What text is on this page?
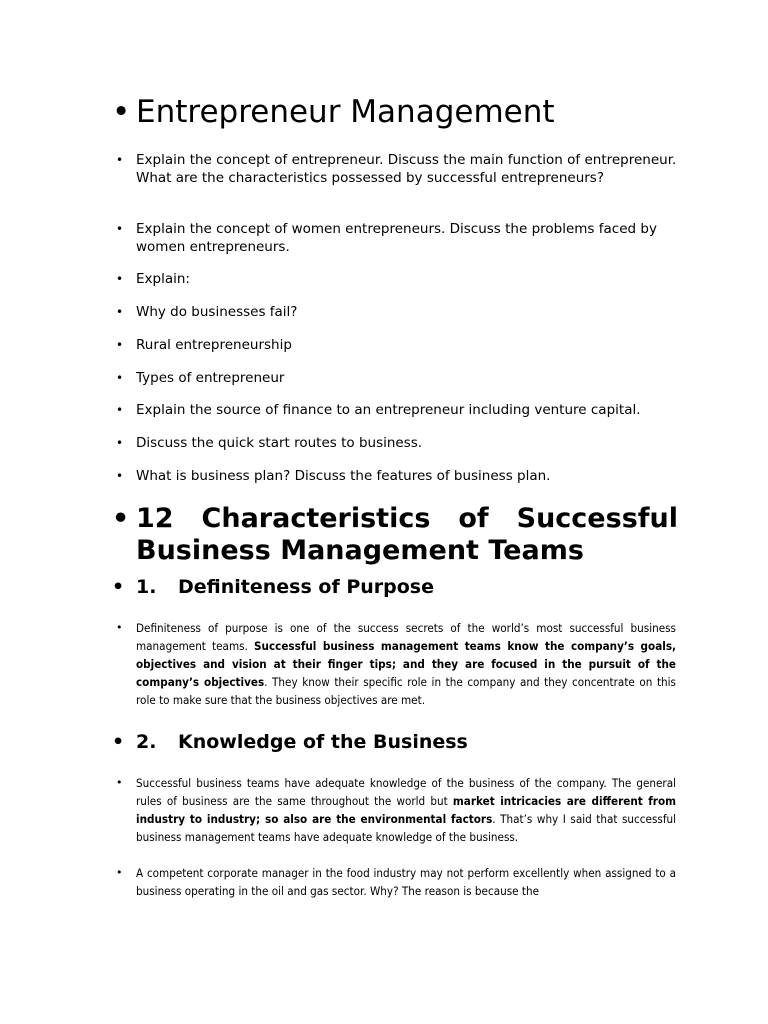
• Entrepreneur Management
• Explain the concept of entrepreneur. Discuss the main function of entrepreneur. What are the characteristics possessed by successful entrepreneurs?
• Explain the concept of women entrepreneurs. Discuss the problems faced by women entrepreneurs.
• Explain:
• Why do businesses fail?
• Rural entrepreneurship
• Types of entrepreneur
• Explain the source of finance to an entrepreneur including venture capital.
• Discuss the quick start routes to business.
• What is business plan? Discuss the features of business plan.
• 12 Characteristics of Successful Business Management Teams
• 1. Definiteness of Purpose
• Definiteness of purpose is one of the success secrets of the world’s most successful business management teams. Successful business management teams know the company’s goals, objectives and vision at their finger tips; and they are focused in the pursuit of the company’s objectives. They know their specific role in the company and they concentrate on this role to make sure that the business objectives are met.
• 2. Knowledge of the Business
• Successful business teams have adequate knowledge of the business of the company. The general rules of business are the same throughout the world but market intricacies are different from industry to industry; so also are the environmental factors. That’s why I said that successful business management teams have adequate knowledge of the business.
• A competent corporate manager in the food industry may not perform excellently when assigned to a business operating in the oil and gas sector. Why? The reason is because the
